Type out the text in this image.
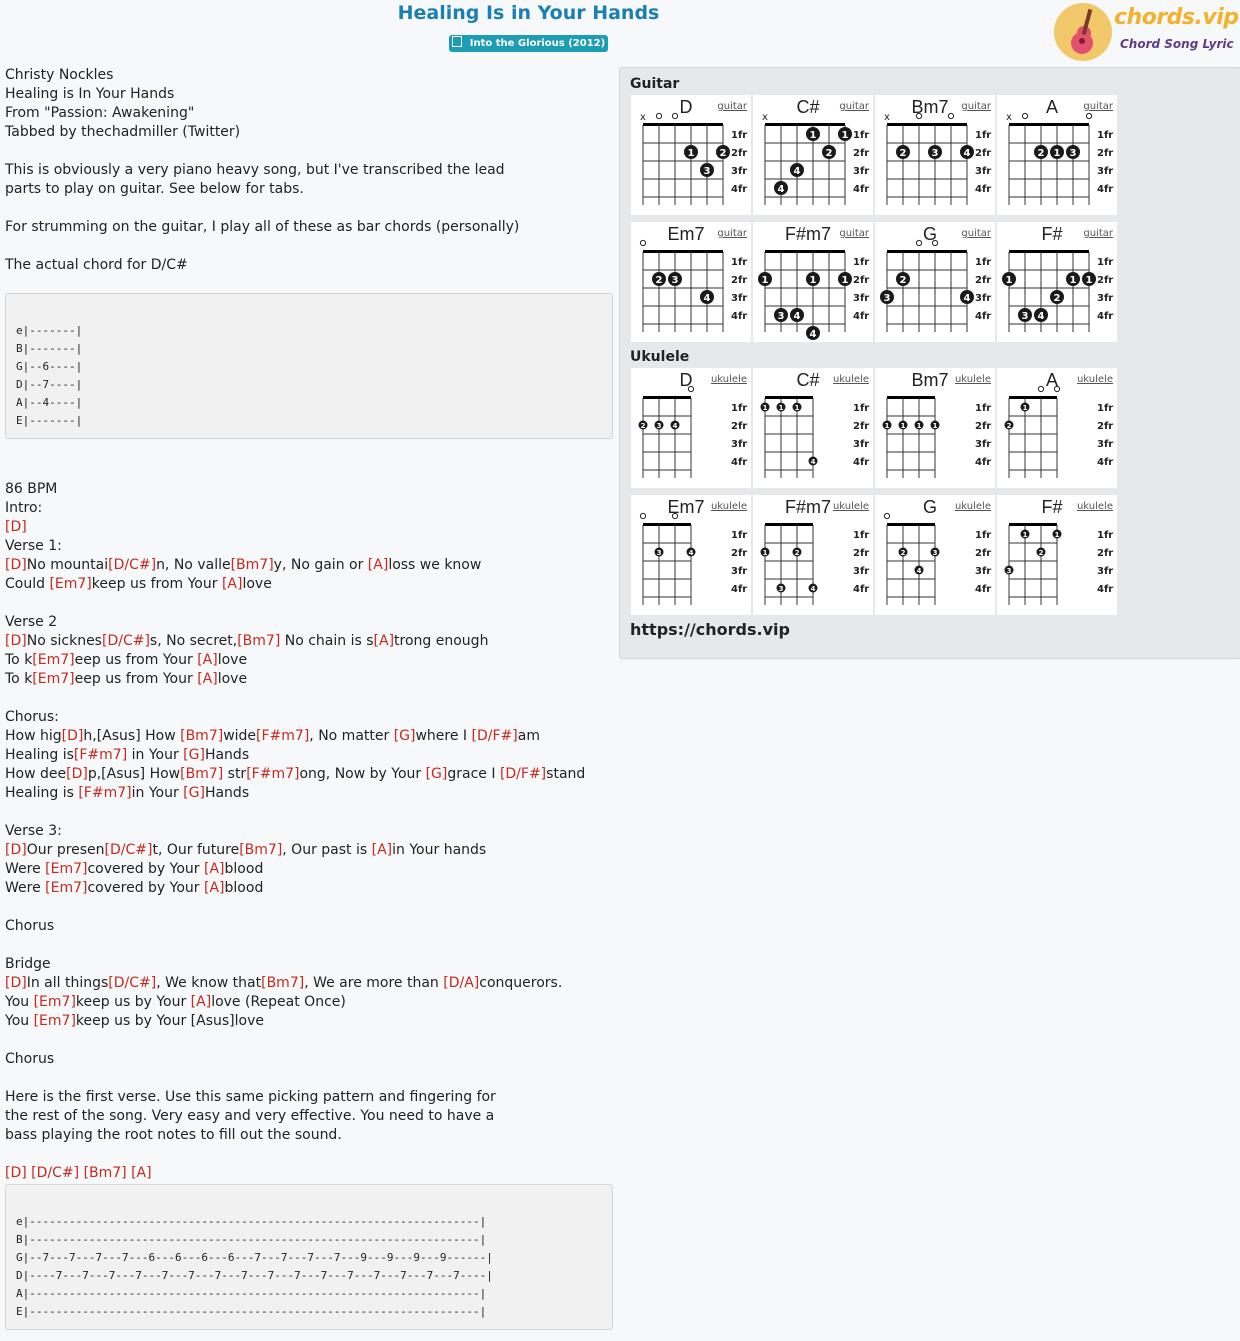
Healing Is in Your Hands
Into the Glorious (2012)
chords.vip
Chord Song Lyric
Christy Nockles
Healing is In Your Hands
From "Passion: Awakening"
Tabbed by thechadmiller (Twitter)
This is obviously a very piano heavy song, but I've transcribed the lead
parts to play on guitar. See below for tabs.
For strumming on the guitar, I play all of these as bar chords (personally)
The actual chord for D/C#
e|-------|
B|-------|
G|--6----|
D|--7----|
A|--4----|
E|-------|
86 BPM
Intro:
[D]
Verse 1:
[D]No mountai[D/C#]n, No valle[Bm7]y, No gain or [A]loss we know
Could [Em7]keep us from Your [A]love
Verse 2
[D]No sicknes[D/C#]s, No secret,[Bm7] No chain is s[A]trong enough
To k[Em7]eep us from Your [A]love
To k[Em7]eep us from Your [A]love
Chorus:
How hig[D]h,[Asus] How [Bm7]wide[F#m7], No matter [G]where I [D/F#]am
Healing is[F#m7] in Your [G]Hands
How dee[D]p,[Asus] How[Bm7] str[F#m7]ong, Now by Your [G]grace I [D/F#]stand
Healing is [F#m7]in Your [G]Hands
Verse 3:
[D]Our presen[D/C#]t, Our future[Bm7], Our past is [A]in Your hands
Were [Em7]covered by Your [A]blood
Were [Em7]covered by Your [A]blood
Chorus
Bridge
[D]In all things[D/C#], We know that[Bm7], We are more than [D/A]conquerors.
You [Em7]keep us by Your [A]love (Repeat Once)
You [Em7]keep us by Your [Asus]love
Chorus
Here is the first verse. Use this same picking pattern and fingering for
the rest of the song. Very easy and very effective. You need to have a
bass playing the root notes to fill out the sound.
[D] [D/C#] [Bm7] [A]
e|--------------------------------------------------------------------|
B|--------------------------------------------------------------------|
G|--7---7---7---7---6---6---6---6---7---7---7---7---9---9---9---9------|
D|----7---7---7---7---7---7---7---7---7---7---7---7---7---7---7---7----|
A|--------------------------------------------------------------------|
E|--------------------------------------------------------------------|
Guitar
Ukulele
x
1	2
3
1fr
2fr
3fr
4fr
D	guitar
x
1	1
2
4
4
1fr
2fr
3fr
4fr
C#	guitar
x
2	3	4
1fr
2fr
3fr
4fr
Bm7	guitar
x
2 1 3
1fr
2fr
3fr
4fr
A	guitar
2 3
4
1fr
2fr
3fr
4fr
Em7	guitar
1	1	1
3 4
4
1fr
2fr
3fr
4fr
F#m7 guitar
2
3	4
1fr
2fr
3fr
4fr
G	guitar
1	1 1
2
3 4
1fr
2fr
3fr
4fr
F#	guitar
2 3 4
1fr
2fr
3fr
4fr
D	ukulele
1 1 1
4
1fr
2fr
3fr
4fr
C#	ukulele
1 1 1 1
1fr
2fr
3fr
4fr
Bm7 ukulele
1
2
1fr
2fr
3fr
4fr
A	ukulele
3	4
1fr
2fr
3fr
4fr
Em7 ukulele
1	2
3	4
1fr
2fr
3fr
4fr
F#m7 ukulele
2	3
4
1fr
2fr
3fr
4fr
G	ukulele
1	1
2
3
1fr
2fr
3fr
4fr
F#	ukulele
https://chords.vip
